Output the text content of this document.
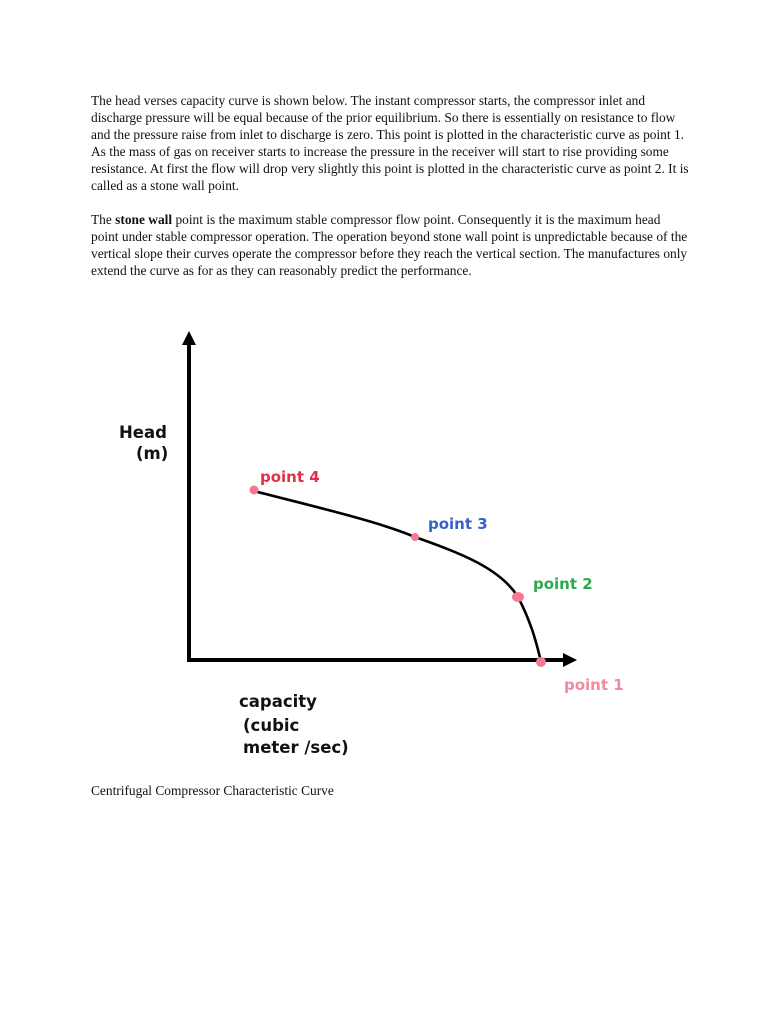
The head verses capacity curve is shown below. The instant compressor starts, the compressor inlet and discharge pressure will be equal because of the prior equilibrium. So there is essentially on resistance to flow and the pressure raise from inlet to discharge is zero. This point is plotted in the characteristic curve as point 1. As the mass of gas on receiver starts to increase the pressure in the receiver will start to rise providing some resistance. At first the flow will drop very slightly this point is plotted in the characteristic curve as point 2. It is called as a stone wall point.

The stone wall point is the maximum stable compressor flow point. Consequently it is the maximum head point under stable compressor operation. The operation beyond stone wall point is unpredictable because of the vertical slope their curves operate the compressor before they reach the vertical section. The manufactures only extend the curve as for as they can reasonably predict the performance.

point 4
point 3
point 2
point 1
Head
(m)
capacity
(cubic
meter /sec)

Centrifugal Compressor Characteristic Curve
